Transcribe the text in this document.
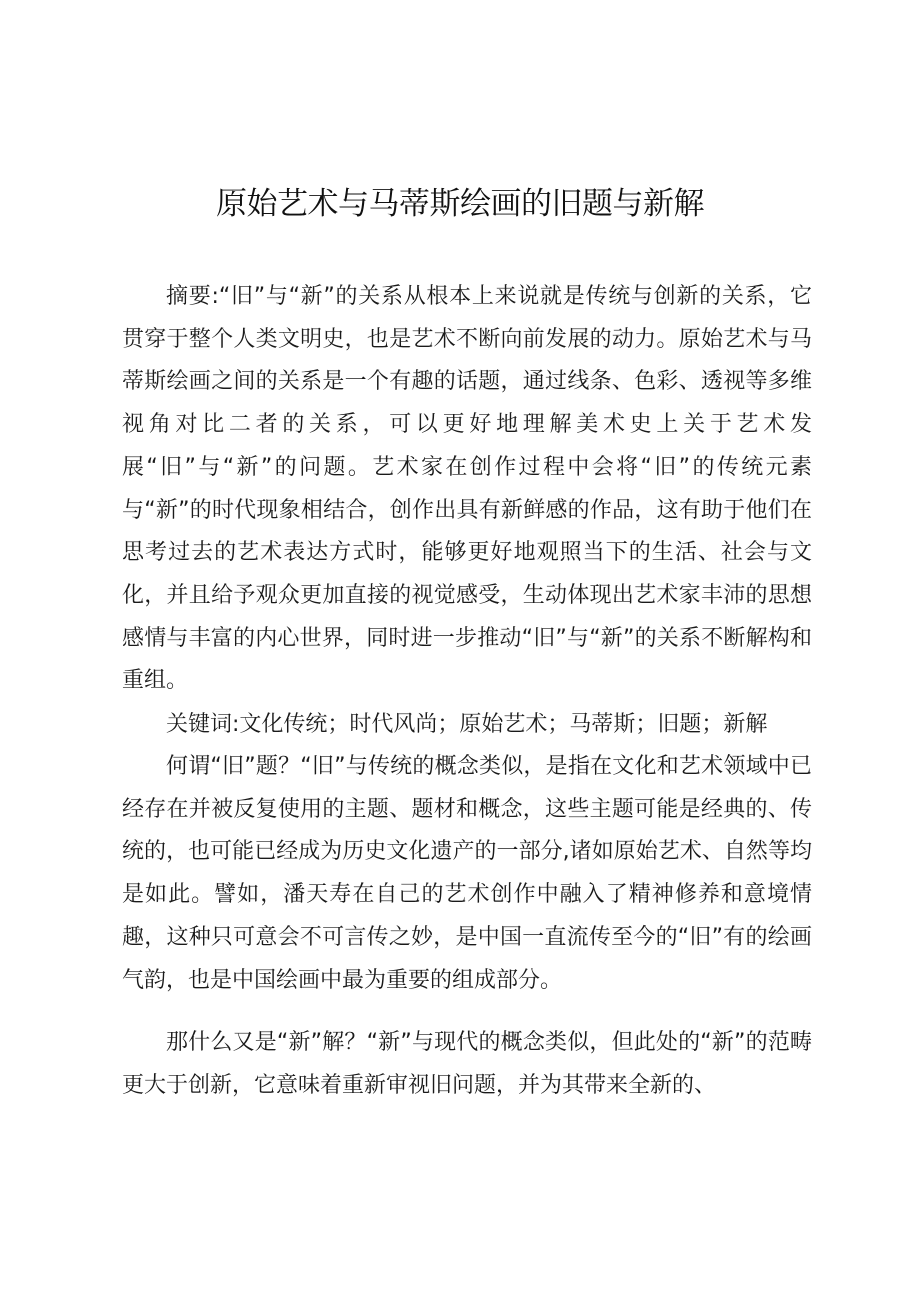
原始艺术与马蒂斯绘画的旧题与新解

摘要:“旧”与“新”的关系从根本上来说就是传统与创新的关系，它贯穿于整个人类文明史，也是艺术不断向前发展的动力。原始艺术与马蒂斯绘画之间的关系是一个有趣的话题，通过线条、色彩、透视等多维视角对比二者的关系，可以更好地理解美术史上关于艺术发展“旧”与“新”的问题。艺术家在创作过程中会将“旧”的传统元素与“新”的时代现象相结合，创作出具有新鲜感的作品，这有助于他们在思考过去的艺术表达方式时，能够更好地观照当下的生活、社会与文化，并且给予观众更加直接的视觉感受，生动体现出艺术家丰沛的思想感情与丰富的内心世界，同时进一步推动“旧”与“新”的关系不断解构和重组。

关键词:文化传统；时代风尚；原始艺术；马蒂斯；旧题；新解

何谓“旧”题？“旧”与传统的概念类似，是指在文化和艺术领域中已经存在并被反复使用的主题、题材和概念，这些主题可能是经典的、传统的，也可能已经成为历史文化遗产的一部分,诸如原始艺术、自然等均是如此。譬如，潘天寿在自己的艺术创作中融入了精神修养和意境情趣，这种只可意会不可言传之妙，是中国一直流传至今的“旧”有的绘画气韵，也是中国绘画中最为重要的组成部分。

那什么又是“新”解？“新”与现代的概念类似，但此处的“新”的范畴更大于创新，它意味着重新审视旧问题，并为其带来全新的、
